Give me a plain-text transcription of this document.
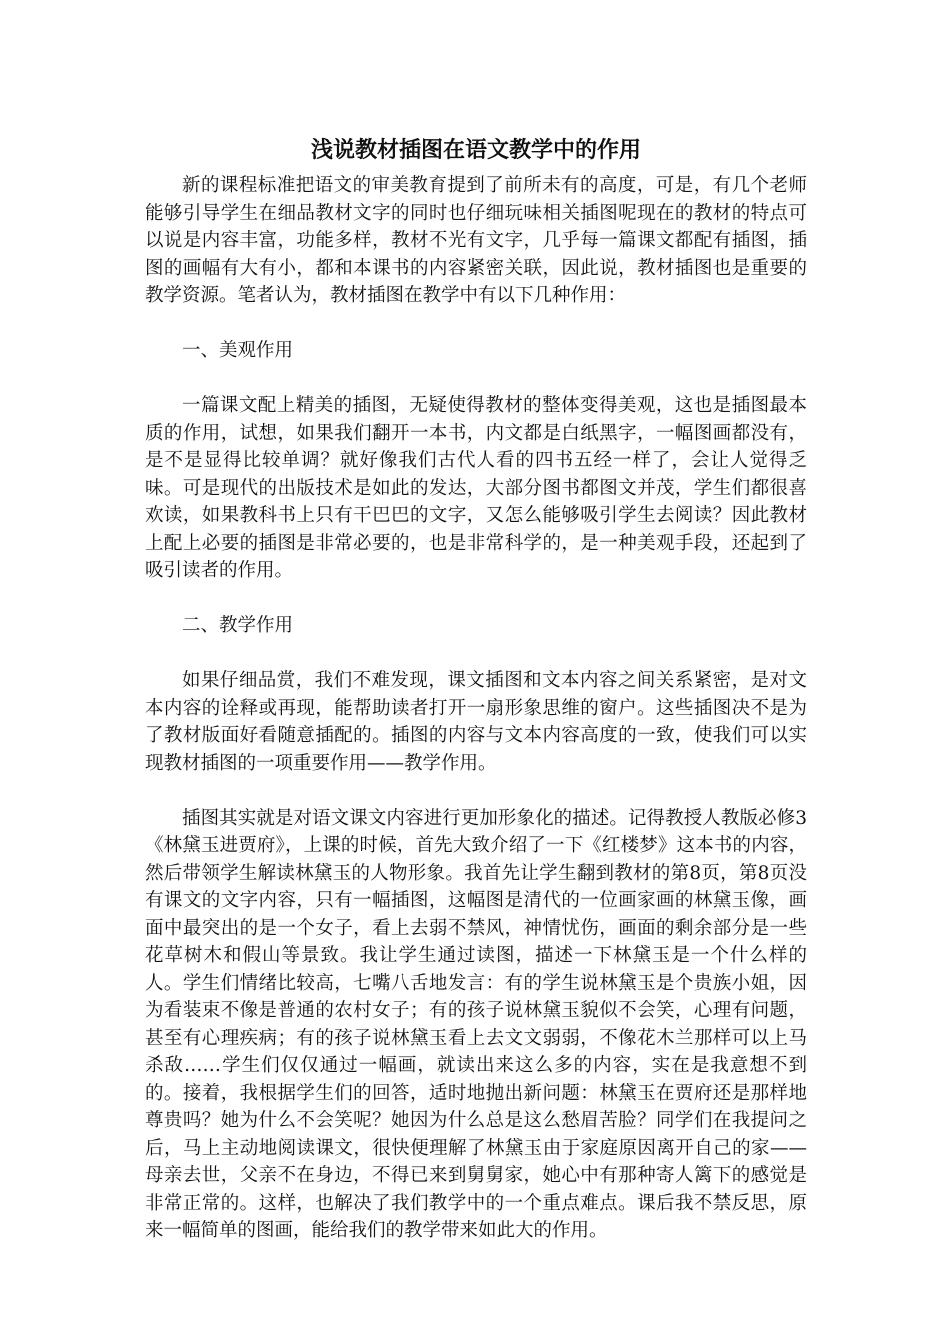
浅说教材插图在语文教学中的作用

新的课程标准把语文的审美教育提到了前所未有的高度，可是，有几个老师能够引导学生在细品教材文字的同时也仔细玩味相关插图呢现在的教材的特点可以说是内容丰富，功能多样，教材不光有文字，几乎每一篇课文都配有插图，插图的画幅有大有小，都和本课书的内容紧密关联，因此说，教材插图也是重要的教学资源。笔者认为，教材插图在教学中有以下几种作用：

一、美观作用

一篇课文配上精美的插图，无疑使得教材的整体变得美观，这也是插图最本质的作用，试想，如果我们翻开一本书，内文都是白纸黑字，一幅图画都没有，是不是显得比较单调？就好像我们古代人看的四书五经一样了，会让人觉得乏味。可是现代的出版技术是如此的发达，大部分图书都图文并茂，学生们都很喜欢读，如果教科书上只有干巴巴的文字，又怎么能够吸引学生去阅读？因此教材上配上必要的插图是非常必要的，也是非常科学的，是一种美观手段，还起到了吸引读者的作用。

二、教学作用

如果仔细品赏，我们不难发现，课文插图和文本内容之间关系紧密，是对文本内容的诠释或再现，能帮助读者打开一扇形象思维的窗户。这些插图决不是为了教材版面好看随意插配的。插图的内容与文本内容高度的一致，使我们可以实现教材插图的一项重要作用——教学作用。

插图其实就是对语文课文内容进行更加形象化的描述。记得教授人教版必修3《林黛玉进贾府》，上课的时候，首先大致介绍了一下《红楼梦》这本书的内容，然后带领学生解读林黛玉的人物形象。我首先让学生翻到教材的第8页，第8页没有课文的文字内容，只有一幅插图，这幅图是清代的一位画家画的林黛玉像，画面中最突出的是一个女子，看上去弱不禁风，神情忧伤，画面的剩余部分是一些花草树木和假山等景致。我让学生通过读图，描述一下林黛玉是一个什么样的人。学生们情绪比较高，七嘴八舌地发言：有的学生说林黛玉是个贵族小姐，因为看装束不像是普通的农村女子；有的孩子说林黛玉貌似不会笑，心理有问题，甚至有心理疾病；有的孩子说林黛玉看上去文文弱弱，不像花木兰那样可以上马杀敌……学生们仅仅通过一幅画，就读出来这么多的内容，实在是我意想不到的。接着，我根据学生们的回答，适时地抛出新问题：林黛玉在贾府还是那样地尊贵吗？她为什么不会笑呢？她因为什么总是这么愁眉苦脸？同学们在我提问之后，马上主动地阅读课文，很快便理解了林黛玉由于家庭原因离开自己的家——母亲去世，父亲不在身边，不得已来到舅舅家，她心中有那种寄人篱下的感觉是非常正常的。这样，也解决了我们教学中的一个重点难点。课后我不禁反思，原来一幅简单的图画，能给我们的教学带来如此大的作用。
